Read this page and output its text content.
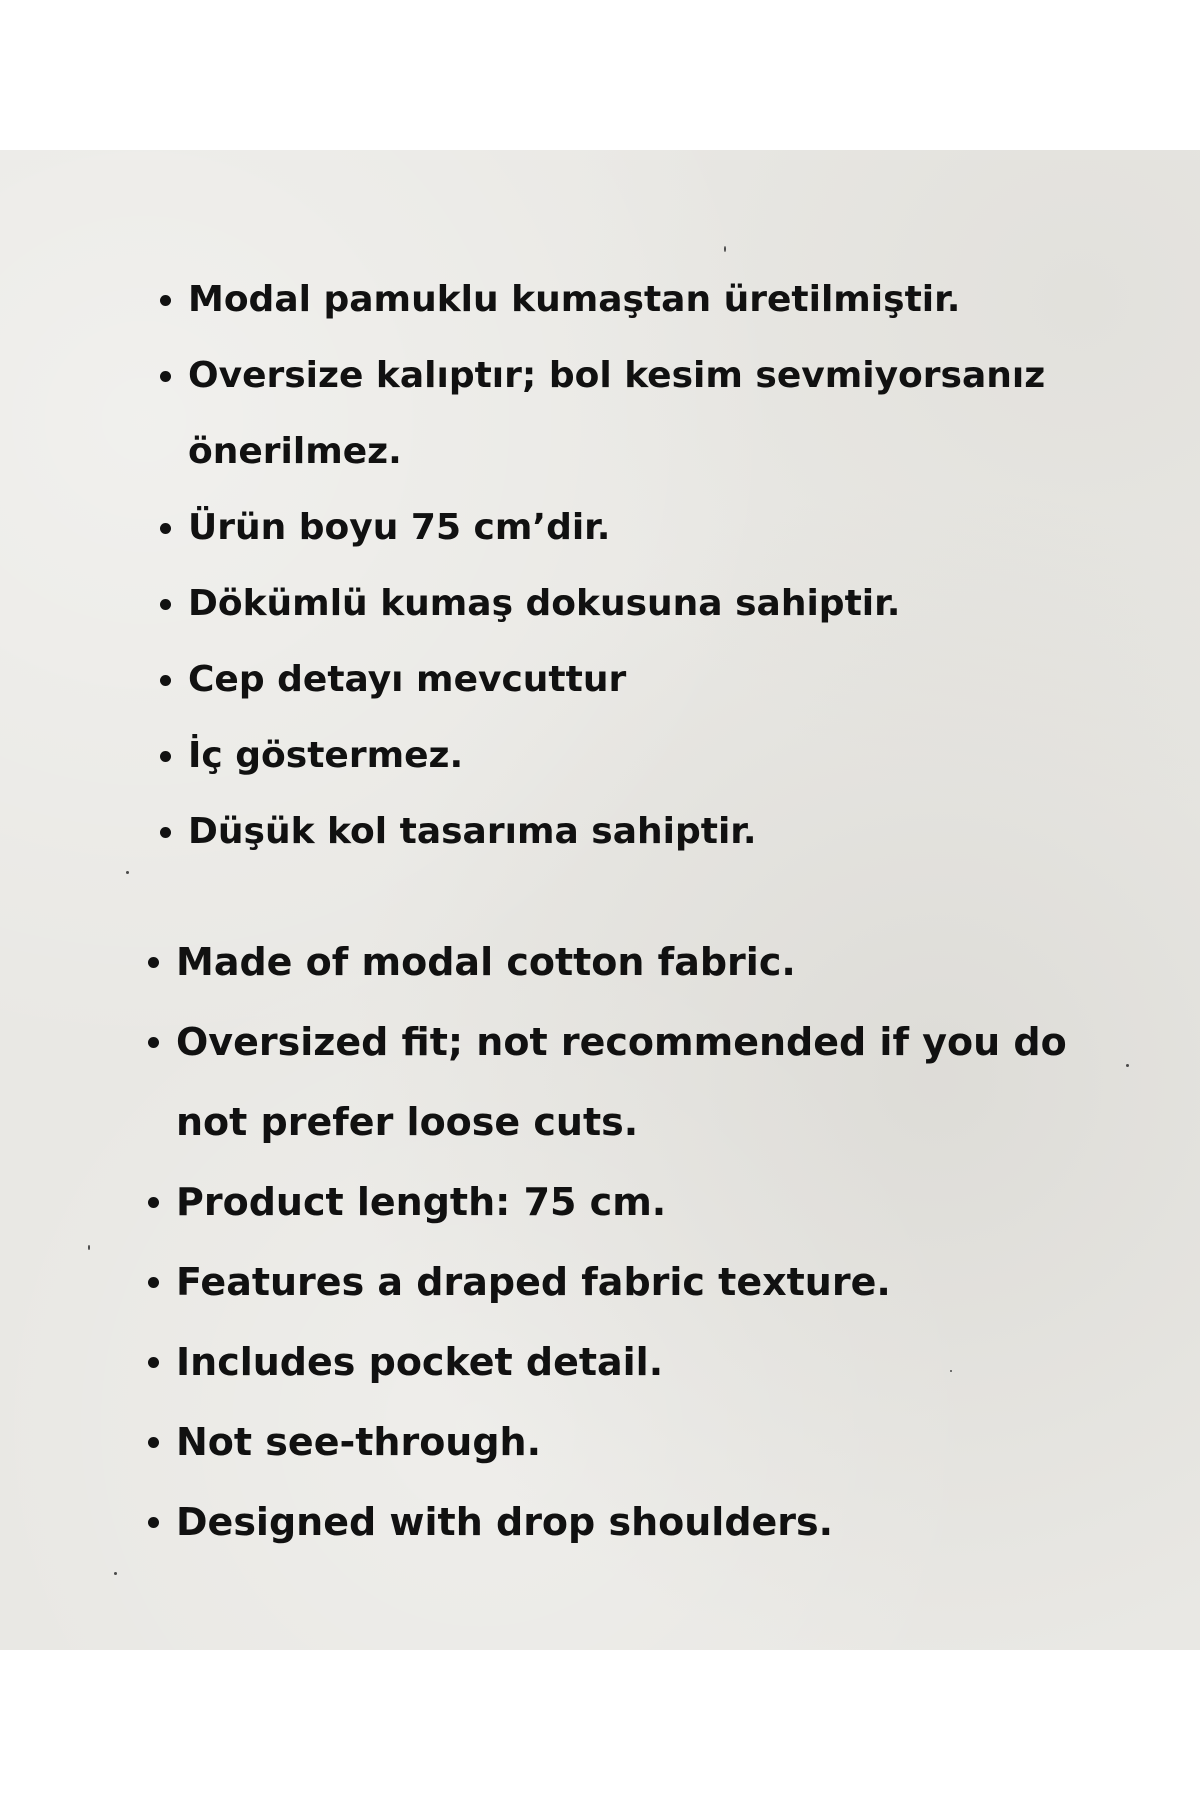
Modal pamuklu kumaştan üretilmiştir.
Oversize kalıptır; bol kesim sevmiyorsanız önerilmez.
Ürün boyu 75 cm’dir.
Dökümlü kumaş dokusuna sahiptir.
Cep detayı mevcuttur
İç göstermez.
Düşük kol tasarıma sahiptir.
Made of modal cotton fabric.
Oversized fit; not recommended if you do not prefer loose cuts.
Product length: 75 cm.
Features a draped fabric texture.
Includes pocket detail.
Not see-through.
Designed with drop shoulders.
